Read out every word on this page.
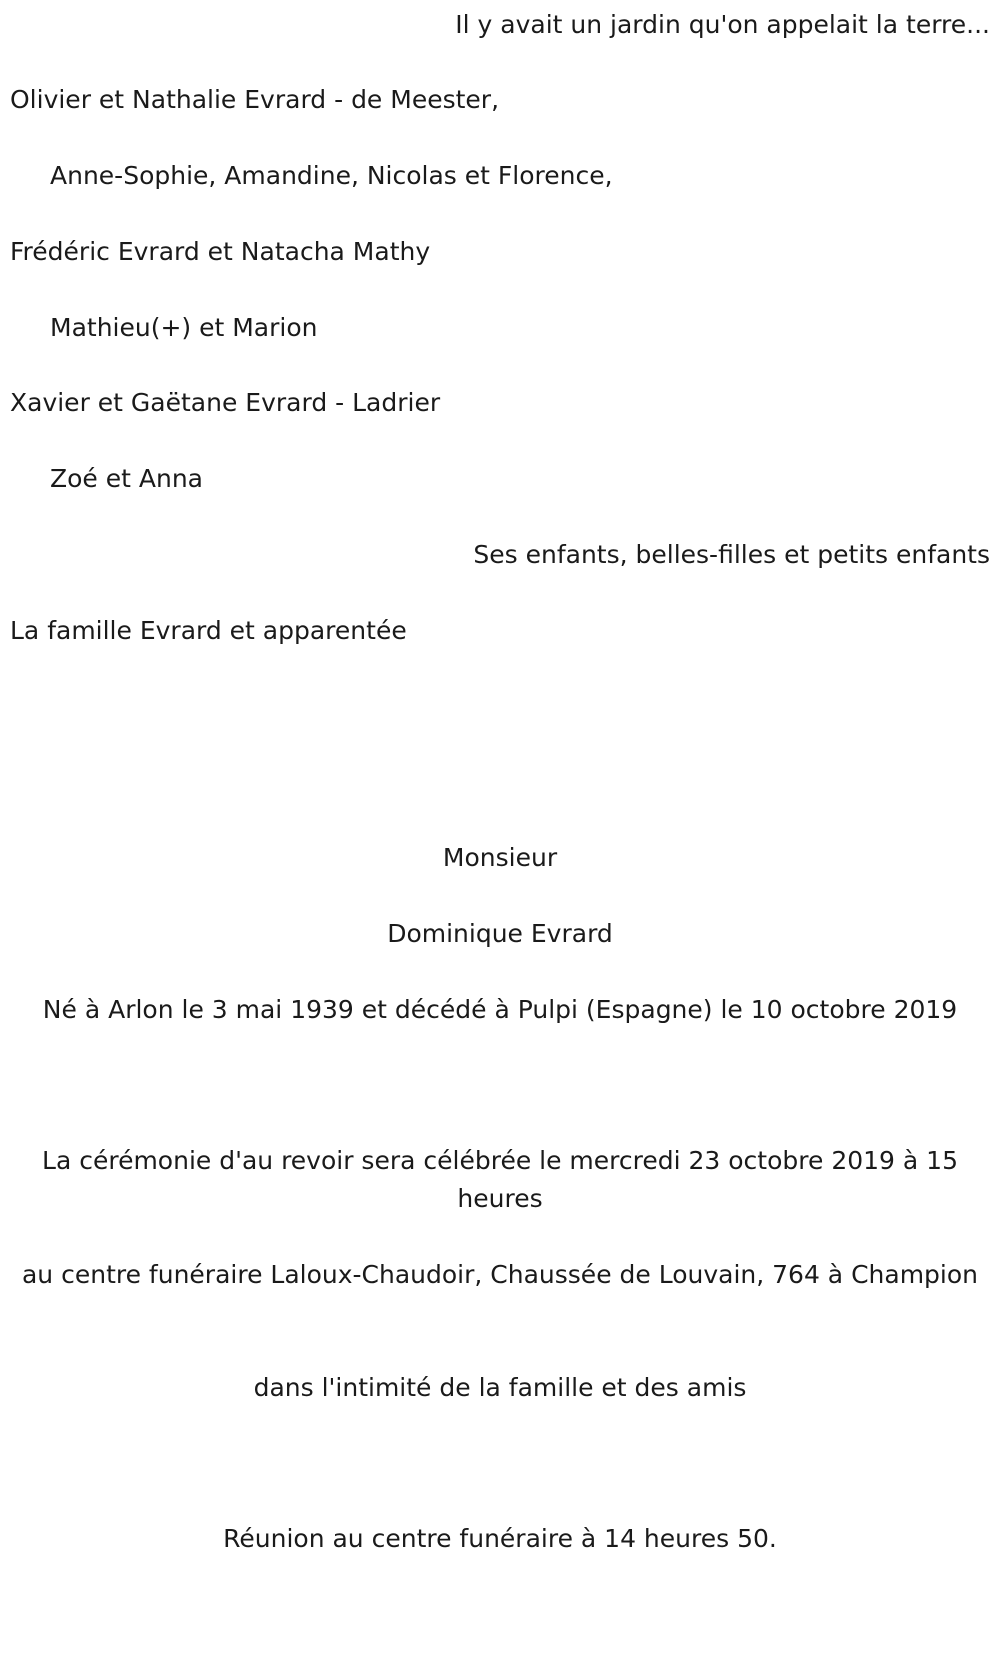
Il y avait un jardin qu'on appelait la terre...

Olivier et Nathalie Evrard - de Meester,

Anne-Sophie, Amandine, Nicolas et Florence,

Frédéric Evrard et Natacha Mathy

Mathieu(+) et Marion

Xavier et Gaëtane Evrard - Ladrier

Zoé et Anna

Ses enfants, belles-filles et petits enfants

La famille Evrard et apparentée

Monsieur

Dominique Evrard

Né à Arlon le 3 mai 1939 et décédé à Pulpi (Espagne) le 10 octobre 2019

La cérémonie d'au revoir sera célébrée le mercredi 23 octobre 2019 à 15 heures

au centre funéraire Laloux-Chaudoir, Chaussée de Louvain, 764 à Champion

dans l'intimité de la famille et des amis

Réunion au centre funéraire à 14 heures 50.
